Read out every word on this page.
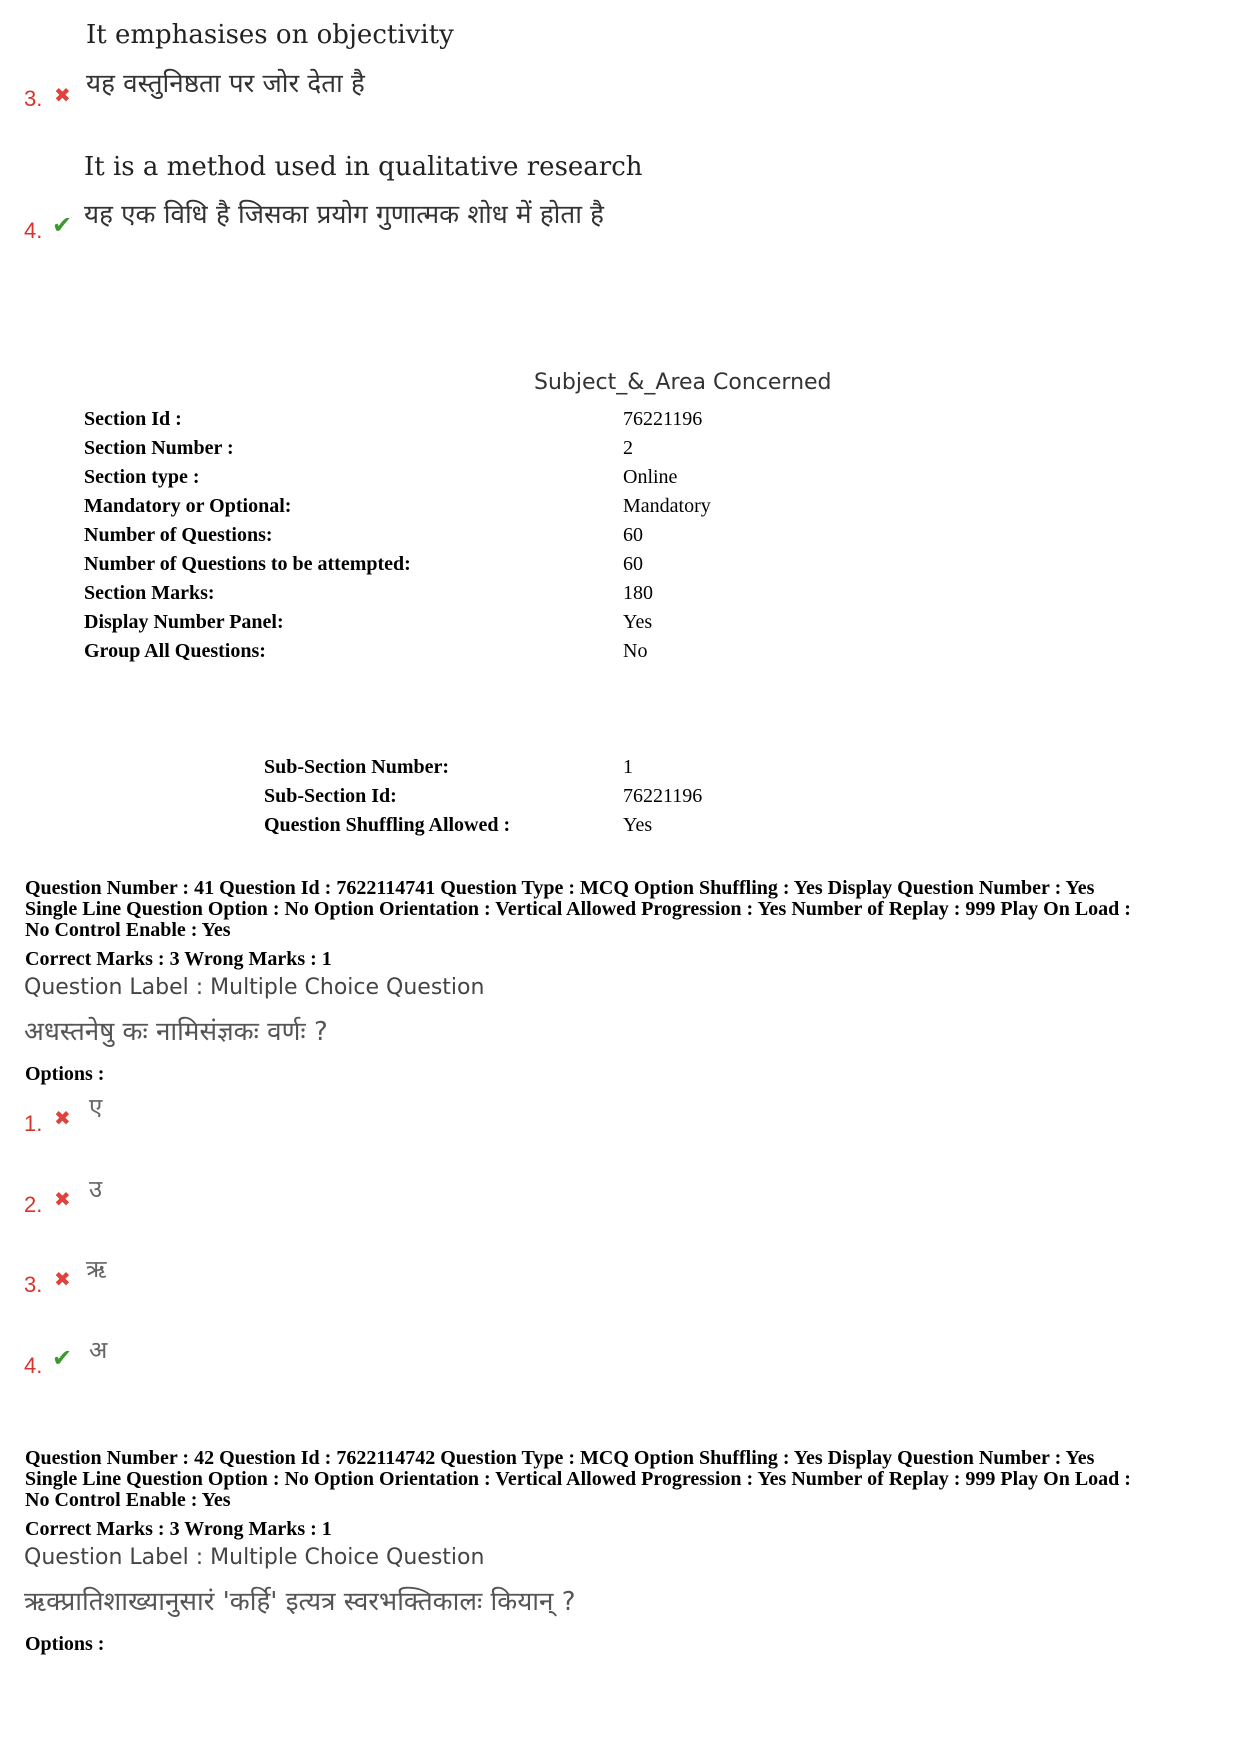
It emphasises on objectivity
यह वस्तुनिष्ठता पर जोर देता है
3. ✖
It is a method used in qualitative research
यह एक विधि है जिसका प्रयोग गुणात्मक शोध में होता है
4. ✔
Subject_&_Area Concerned
Section Id :	76221196
Section Number :	2
Section type :	Online
Mandatory or Optional:	Mandatory
Number of Questions:	60
Number of Questions to be attempted:	60
Section Marks:	180
Display Number Panel:	Yes
Group All Questions:	No
Sub-Section Number:	1
Sub-Section Id:	76221196
Question Shuffling Allowed :	Yes
Question Number : 41 Question Id : 7622114741 Question Type : MCQ Option Shuffling : Yes Display Question Number : Yes
Single Line Question Option : No Option Orientation : Vertical Allowed Progression : Yes Number of Replay : 999 Play On Load :
No Control Enable : Yes
Correct Marks : 3 Wrong Marks : 1
Question Label : Multiple Choice Question
अधस्तनेषु कः नामिसंज्ञकः वर्णः ?
Options :
1. ✖ ए
2. ✖ उ
3. ✖ ऋ
4. ✔ अ
Question Number : 42 Question Id : 7622114742 Question Type : MCQ Option Shuffling : Yes Display Question Number : Yes
Single Line Question Option : No Option Orientation : Vertical Allowed Progression : Yes Number of Replay : 999 Play On Load :
No Control Enable : Yes
Correct Marks : 3 Wrong Marks : 1
Question Label : Multiple Choice Question
ऋक्प्रातिशाख्यानुसारं 'कर्हि' इत्यत्र स्वरभक्तिकालः कियान् ?
Options :
